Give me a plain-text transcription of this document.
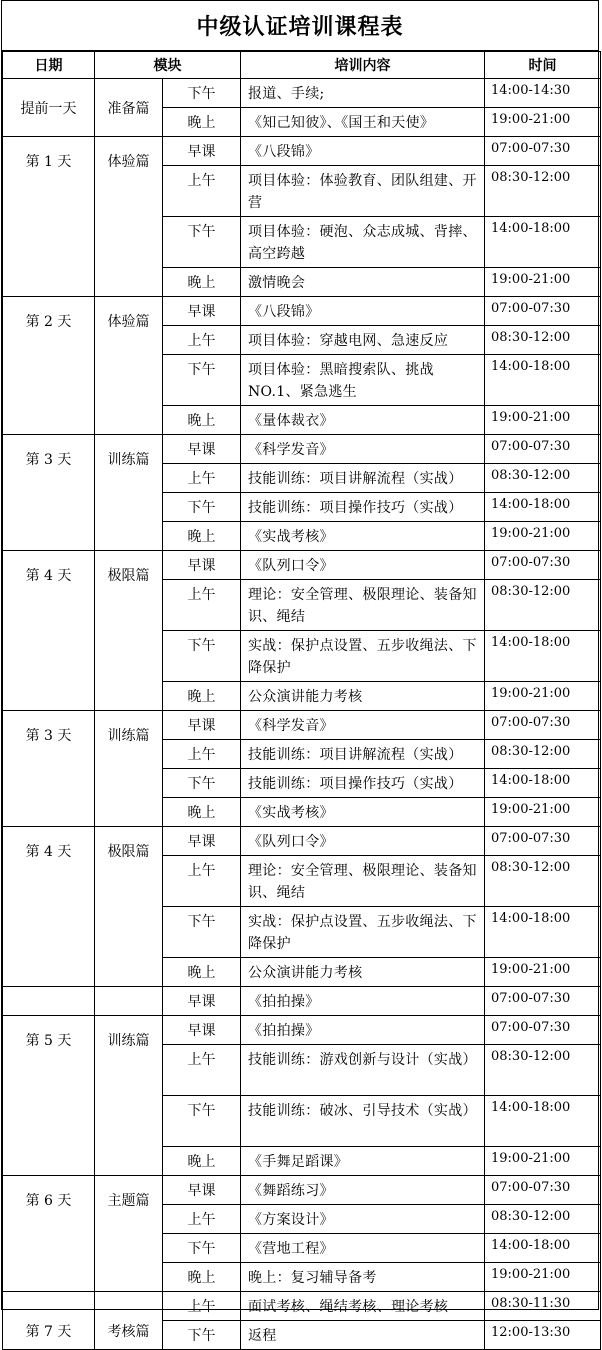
中级认证培训课程表
日期	模块		培训内容	时间
提前一天	准备篇	下午	报道、手续;	14:00-14:30
		晚上	《知己知彼》、《国王和天使》	19:00-21:00
第 1 天	体验篇	早课	《八段锦》	07:00-07:30
		上午	项目体验：体验教育、团队组建、开营	08:30-12:00
		下午	项目体验：硬泡、众志成城、背摔、高空跨越	14:00-18:00
		晚上	激情晚会	19:00-21:00
第 2 天	体验篇	早课	《八段锦》	07:00-07:30
		上午	项目体验：穿越电网、急速反应	08:30-12:00
		下午	项目体验：黑暗搜索队、挑战NO.1、紧急逃生	14:00-18:00
		晚上	《量体裁衣》	19:00-21:00
第 3 天	训练篇	早课	《科学发音》	07:00-07:30
		上午	技能训练：项目讲解流程（实战）	08:30-12:00
		下午	技能训练：项目操作技巧（实战）	14:00-18:00
		晚上	《实战考核》	19:00-21:00
第 4 天	极限篇	早课	《队列口令》	07:00-07:30
		上午	理论：安全管理、极限理论、装备知识、绳结	08:30-12:00
		下午	实战：保护点设置、五步收绳法、下降保护	14:00-18:00
		晚上	公众演讲能力考核	19:00-21:00
第 3 天	训练篇	早课	《科学发音》	07:00-07:30
		上午	技能训练：项目讲解流程（实战）	08:30-12:00
		下午	技能训练：项目操作技巧（实战）	14:00-18:00
		晚上	《实战考核》	19:00-21:00
第 4 天	极限篇	早课	《队列口令》	07:00-07:30
		上午	理论：安全管理、极限理论、装备知识、绳结	08:30-12:00
		下午	实战：保护点设置、五步收绳法、下降保护	14:00-18:00
		晚上	公众演讲能力考核	19:00-21:00
		早课	《拍拍操》	07:00-07:30
第 5 天	训练篇	早课	《拍拍操》	07:00-07:30
		上午	技能训练：游戏创新与设计（实战）	08:30-12:00
		下午	技能训练：破冰、引导技术（实战）	14:00-18:00
		晚上	《手舞足蹈课》	19:00-21:00
第 6 天	主题篇	早课	《舞蹈练习》	07:00-07:30
		上午	《方案设计》	08:30-12:00
		下午	《营地工程》	14:00-18:00
		晚上	晚上：复习辅导备考	19:00-21:00
第 7 天	考核篇	上午	面试考核、绳结考核、理论考核	08:30-11:30
		下午	返程	12:00-13:30
